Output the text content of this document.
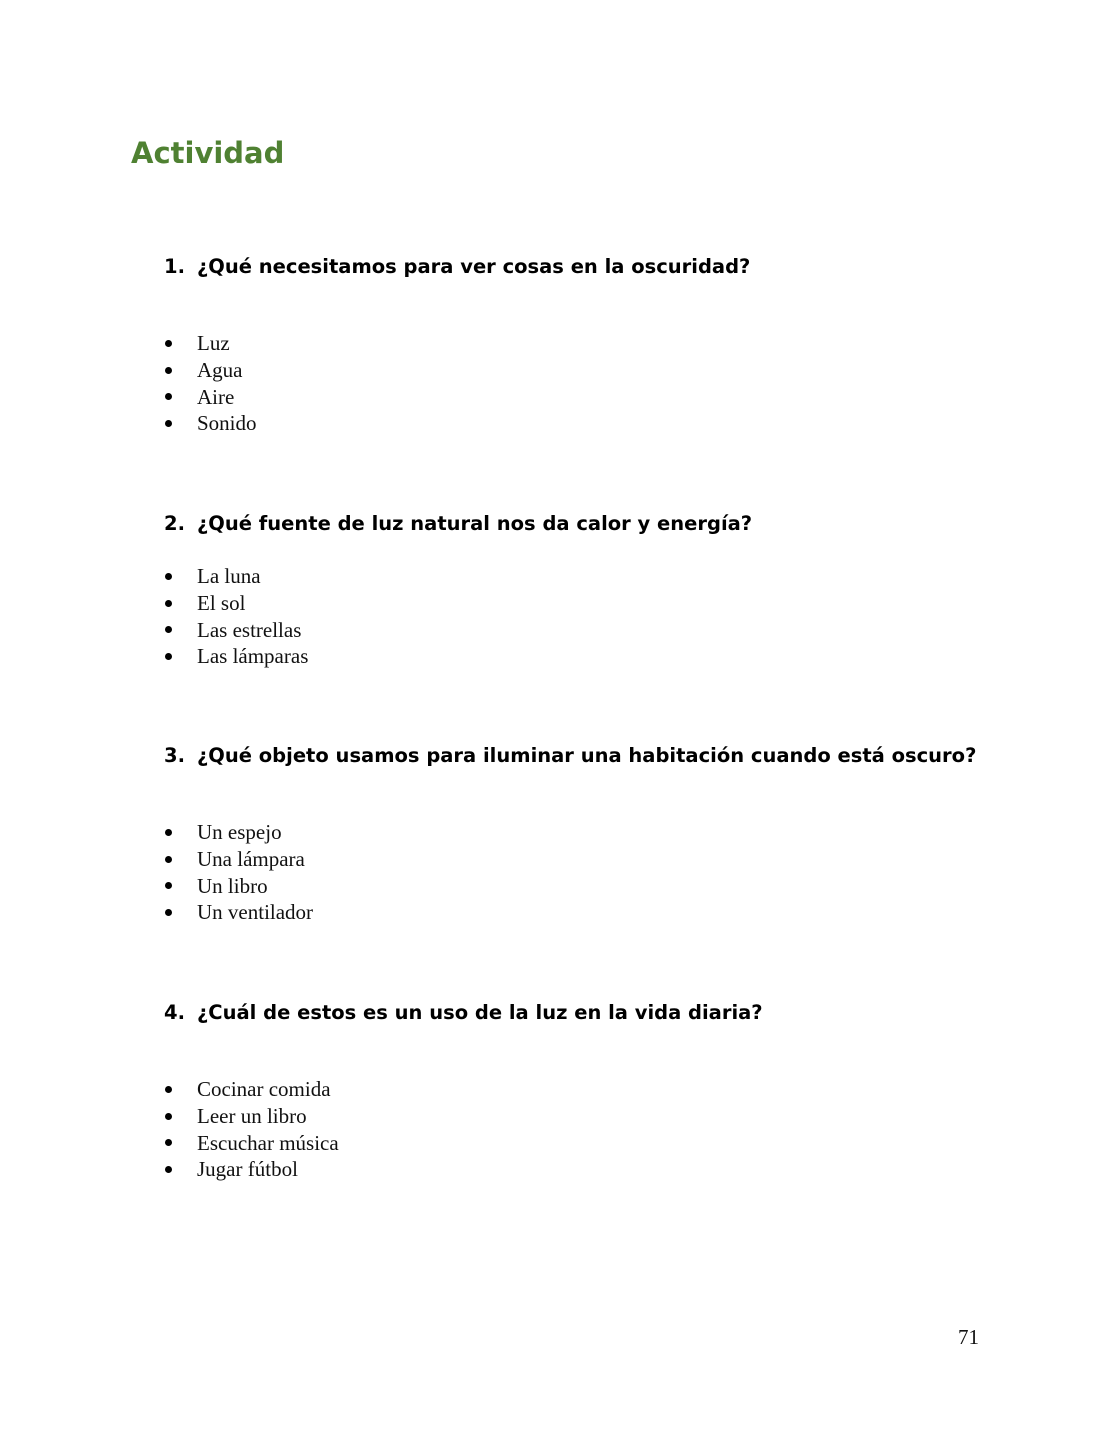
Actividad

1. ¿Qué necesitamos para ver cosas en la oscuridad?

Luz
Agua
Aire
Sonido

2. ¿Qué fuente de luz natural nos da calor y energía?

La luna
El sol
Las estrellas
Las lámparas

3. ¿Qué objeto usamos para iluminar una habitación cuando está oscuro?

Un espejo
Una lámpara
Un libro
Un ventilador

4. ¿Cuál de estos es un uso de la luz en la vida diaria?

Cocinar comida
Leer un libro
Escuchar música
Jugar fútbol
71
